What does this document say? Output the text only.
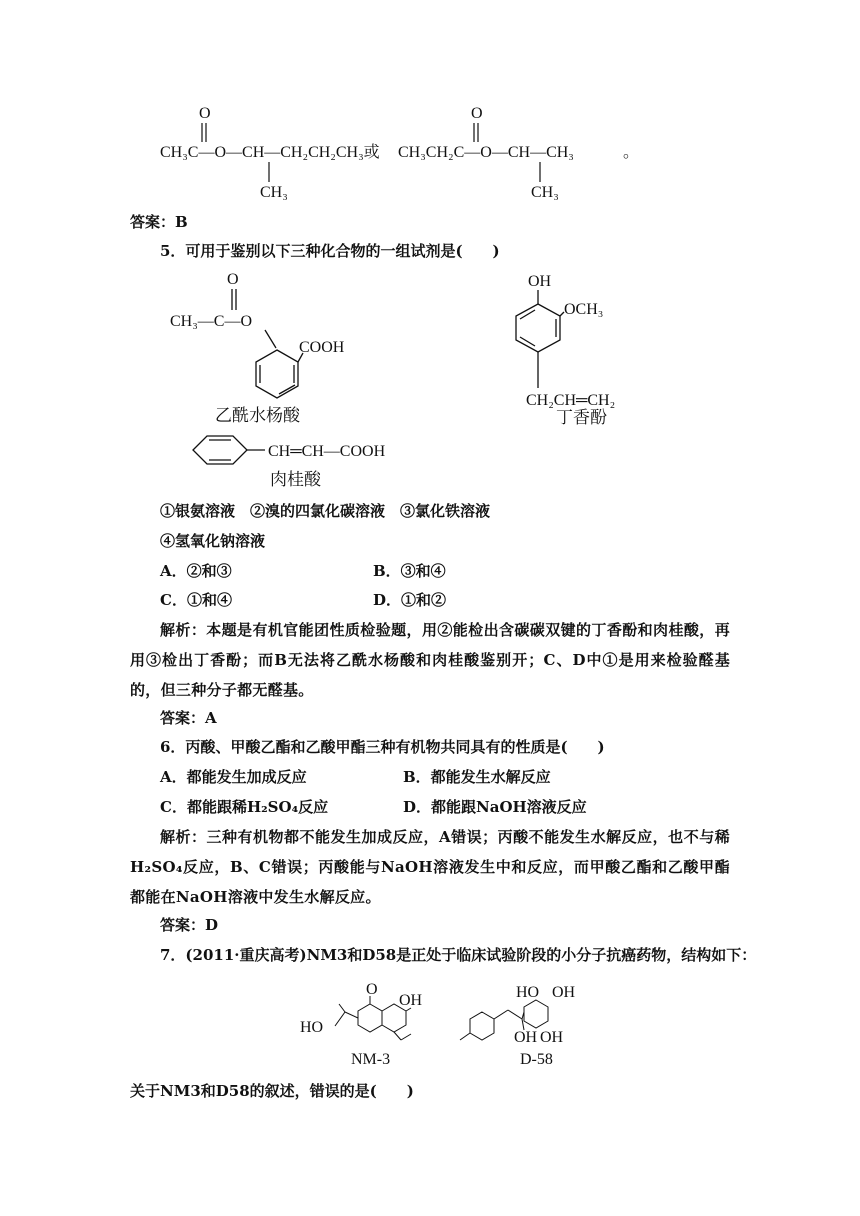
CH₃C—O—CH—CH₂CH₂CH₃或 CH₃CH₂C—O—CH—CH₃	。
O	O
CH₃	CH₃
答案：B
5．可用于鉴别以下三种化合物的一组试剂是(　　)
O
CH₃—C—O
COOH
乙酰水杨酸
OH
OCH₃
CH₂CH═CH₂
丁香酚
CH═CH—COOH
肉桂酸
①银氨溶液　②溴的四氯化碳溶液　③氯化铁溶液
④氢氧化钠溶液
A．②和③	B．③和④
C．①和④	D．①和②
解析：本题是有机官能团性质检验题，用②能检出含碳碳双键的丁香酚和肉桂酸，再用③检出丁香酚；而B无法将乙酰水杨酸和肉桂酸鉴别开；C、D中①是用来检验醛基的，但三种分子都无醛基。
答案：A
6．丙酸、甲酸乙酯和乙酸甲酯三种有机物共同具有的性质是(　　)
A．都能发生加成反应	B．都能发生水解反应
C．都能跟稀H₂SO₄反应	D．都能跟NaOH溶液反应
解析：三种有机物都不能发生加成反应，A错误；丙酸不能发生水解反应，也不与稀H₂SO₄反应，B、C错误；丙酸能与NaOH溶液发生中和反应，而甲酸乙酯和乙酸甲酯都能在NaOH溶液中发生水解反应。
答案：D
7．(2011·重庆高考)NM3和D58是正处于临床试验阶段的小分子抗癌药物，结构如下：
O
OH
HO
NM-3
HO OH
OH OH
D-58
关于NM3和D58的叙述，错误的是(　　)
